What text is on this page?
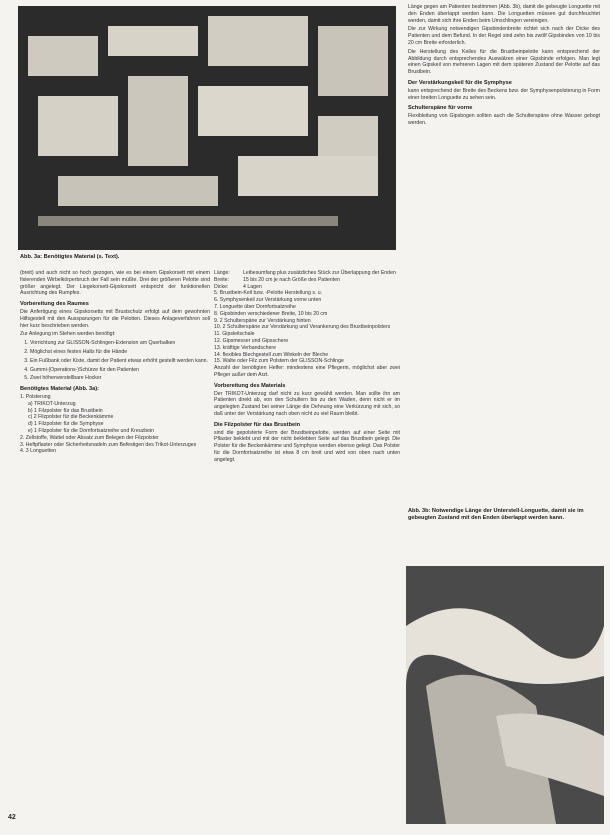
Abb. 3a: Benötigtes Material (s. Text).

(breit) und auch nicht so hoch gezogen, wie es bei einem Gipskorsett mit einem fixierenden Wirbelkörperbruch der Fall sein müßte. Drei der größeren Pelotte sind größer angelegt. Der Liegekorsett-Gipskorsett entspricht der funktionellen Ausrichtung des Rumpfes.

Vorbereitung des Raumes

Die Anfertigung eines Gipskorsetts mit Brustschutz erfolgt auf dem gewohnten Hilfsgestell mit den Aussparungen für die Pelotten. Dieses Anlageverfahren soll hier kurz beschrieben werden.

Zur Anlegung im Stehen werden benötigt:

1. Vorrichtung zur GLISSON-Schlingen-Extension am Querbalken
2. Möglichst eines festen Halts für die Hände
3. Ein Fußbank oder Kiste, damit der Patient etwas erhöht gestellt werden kann.
4. Gummi-(Operations-)Schürze für den Patienten
5. Zwei höhenverstellbare Hocker
Benötigtes Material (Abb. 3a):
1. Polsterung
a) TRIKOT-Unterzug
b) 1 Filzpolster für das Brustbein
c) 2 Filzpolster für die Beckenkämme
d) 1 Filzpolster für die Symphyse
e) 1 Filzpolster für die Dornfortsatzreihe und Kreuzbein
2. Zellstoffe, Wattel oder Absatz zum Belegen der Filzpolster
3. Heftpflaster oder Sicherheitsnadeln zum Befestigen des Trikot-Unterzuges
4. 3 Longuetten
Länge:	Leibesumfang plus zusätzliches Stück zur Überlappung der Enden
Breite:	15 bis 20 cm je nach Größe des Patienten
Dicke:	4 Lagen
5. Brustbein-Keil bzw. -Pelotte Herstellung s. u.
6. Symphysenkeil zur Verstärkung vorne unten
7. Longuette über Dornfortsatzreihe
8. Gipsbinden verschiedener Breite, 10 bis 20 cm
9. 2 Schulterspäne zur Verstärkung hinten
10. 2 Schulterspäne zur Verstärkung und Verankerung des Brustbeinpolsters
11. Gipsleitschale
12. Gipsmesser und Gipsschere
13. kräftige Verbandschere
14. flexibles Blechgestell zum Winkeln der Bleche
15. Walte oder Filz zum Polstern der GLISSON-Schlinge

Anzahl der benötigten Helfer: mindestens eine Pflegerin, möglichst aber zwei Pfleger außer dem Arzt.

Vorbereitung des Materials

Der TRIKOT-Unterzug darf nicht zu kurz gewählt werden. Man sollte ihn am Patienten direkt ab, von den Schultern bis zu den Waden, denn nicht er im angelegten Zustand bei seiner Länge die Dehnung eine Verkürzung mit sich, so daß unter der Verstärkung nach oben nicht zu viel Raum bleibt.

Die Filzpolster für das Brustbein

sind die gepolsterte Form der Brustbeinpelotte, werden auf einer Seite mit Pflaster beklebt und mit der nicht beklebten Seite auf das Brustbein gelegt. Die Polster für die Beckenkämme und Symphyse werden ebenso gelegt. Das Polster für die Dornfortsatzreihe ist etwa 8 cm breit und wird von oben nach unten angelegt.

Länge gegen am Patienten bestimmen (Abb. 3b), damit die gebeugte Longuette mit den Enden überlappt werden kann. Die Longuetten müssen gut durchfeuchtet werden, damit sich ihre Enden beim Umschlingen vereinigen.

Die zur Wirkung notwendigen Gipsbindenbreite richtet sich nach der Dicke des Patienten und dem Befund. In der Regel sind zehn bis zwölf Gipsbinden von 10 bis 20 cm Breite erforderlich.

Die Herstellung des Keiles für die Brustbeinpelotte kann entsprechend der Abbildung durch entsprechendes Auswälzen einer Gipsbinde erfolgen. Man legt einen Gipskeil von mehreren Lagen mit dem späteren Zustand der Pelotte auf das Brustbein.

Der Verstärkungskeil für die Symphyse

kann entsprechend der Breite des Beckens bzw. der Symphysenpolsterung in Form einer breiten Longuette zu sehen sein.

Schulterspäne für vorne

Flexibleitung von Gipsbogen sollten auch die Schulterspäne ohne Wasser gebogt werden.

Abb. 3b: Notwendige Länge der Unterstell-Longuette, damit sie im gebeugten Zustand mit den Enden überlappt werden kann.
42
